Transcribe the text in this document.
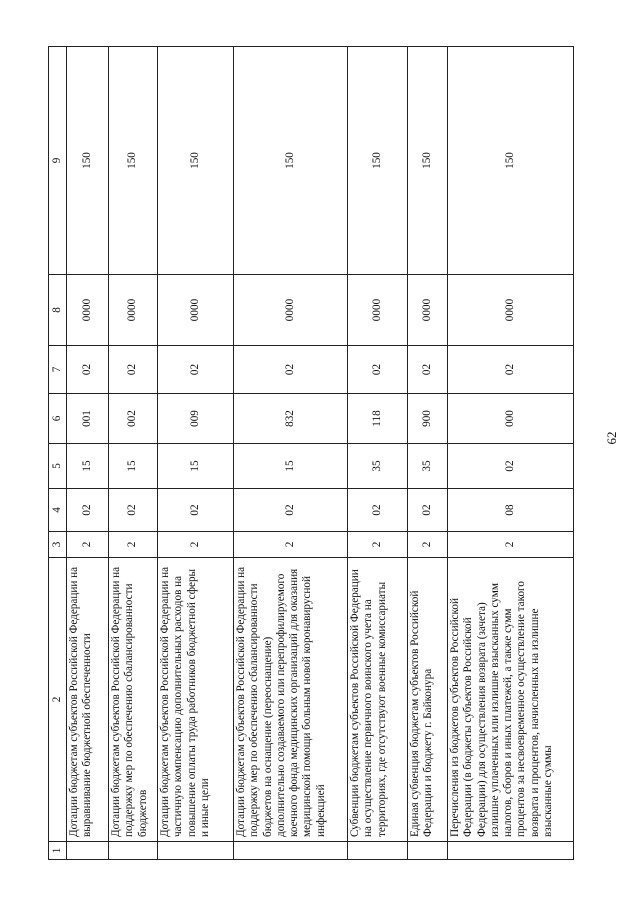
62
1	2	3	4	5	6	7	8	9
	Дотации бюджетам субъектов Российской Федерации на выравнивание бюджетной обеспеченности	2	02	15	001	02	0000	150
	Дотации бюджетам субъектов Российской Федерации на поддержку мер по обеспечению сбалансированности бюджетов	2	02	15	002	02	0000	150
	Дотации бюджетам субъектов Российской Федерации на частичную компенсацию дополнительных расходов на повышение оплаты труда работников бюджетной сферы и иные цели	2	02	15	009	02	0000	150
	Дотации бюджетам субъектов Российской Федерации на поддержку мер по обеспечению сбалансированности бюджетов на оснащение (переоснащение) дополнительно создаваемого или перепрофилируемого коечного фонда медицинских организаций для оказания медицинской помощи больным новой коронавирусной инфекцией	2	02	15	832	02	0000	150
	Субвенции бюджетам субъектов Российской Федерации на осуществление первичного воинского учета на территориях, где отсутствуют военные комиссариаты	2	02	35	118	02	0000	150
	Единая субвенция бюджетам субъектов Российской Федерации и бюджету г. Байконура	2	02	35	900	02	0000	150
	Перечисления из бюджетов субъектов Российской Федерации (в бюджеты субъектов Российской Федерации) для осуществления возврата (зачета) излишне уплаченных или излишне взысканных сумм налогов, сборов и иных платежей, а также сумм процентов за несвоевременное осуществление такого возврата и процентов, начисленных на излишне взысканные суммы	2	08	02	000	02	0000	150
